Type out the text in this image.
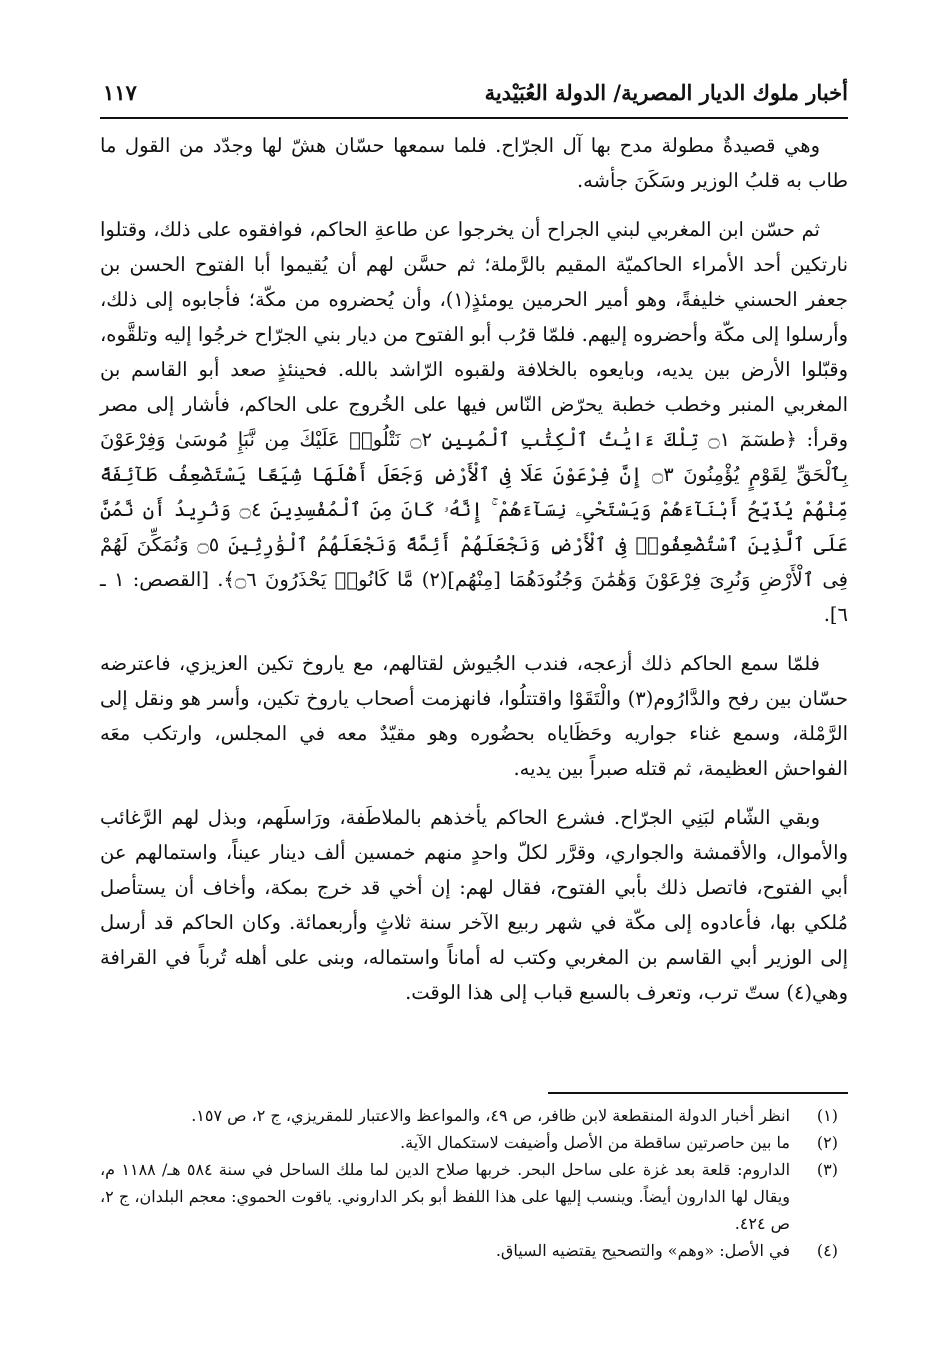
أخبار ملوك الديار المصرية/ الدولة العُبَيْدية
١١٧

وهي قصيدةٌ مطولة مدح بها آل الجرّاح. فلما سمعها حسّان هشّ لها وجدّد من القول ما طاب به قلبُ الوزير وسَكَنَ جأشه.

ثم حسّن ابن المغربي لبني الجراح أن يخرجوا عن طاعةِ الحاكم، فوافقوه على ذلك، وقتلوا نارتكين أحد الأمراء الحاكميّة المقيم بالرَّملة؛ ثم حسَّن لهم أن يُقيموا أبا الفتوح الحسن بن جعفر الحسني خليفةً، وهو أمير الحرمين يومئذٍ(١)، وأن يُحضروه من مكّة؛ فأجابوه إلى ذلك، وأرسلوا إلى مكّة وأحضروه إليهم. فلمّا قرُب أبو الفتوح من ديار بني الجرّاح خرجُوا إليه وتلقَّوه، وقبّلوا الأرض بين يديه، وبايعوه بالخلافة ولقبوه الرّاشد بالله. فحينئذٍ صعد أبو القاسم بن المغربي المنبر وخطب خطبة يحرّض النّاس فيها على الخُروج على الحاكم، فأشار إلى مصر وقرأ: ﴿طسٓمٓ ۝١ تِلْكَ ءَايَٰتُ ٱلْكِتَٰبِ ٱلْمُبِينِ ۝٢ نَتْلُوا۟ عَلَيْكَ مِن نَّبَإِ مُوسَىٰ وَفِرْعَوْنَ بِٱلْحَقِّ لِقَوْمٍ يُؤْمِنُونَ ۝٣ إِنَّ فِرْعَوْنَ عَلَا فِى ٱلْأَرْضِ وَجَعَلَ أَهْلَهَا شِيَعًا يَسْتَضْعِفُ طَآئِفَةً مِّنْهُمْ يُذَبِّحُ أَبْنَآءَهُمْ وَيَسْتَحْىِۦ نِسَآءَهُمْ ۚ إِنَّهُۥ كَانَ مِنَ ٱلْمُفْسِدِينَ ۝٤ وَنُرِيدُ أَن نَّمُنَّ عَلَى ٱلَّذِينَ ٱسْتُضْعِفُوا۟ فِى ٱلْأَرْضِ وَنَجْعَلَهُمْ أَئِمَّةً وَنَجْعَلَهُمُ ٱلْوَٰرِثِينَ ۝٥ وَنُمَكِّنَ لَهُمْ فِى ٱلْأَرْضِ وَنُرِىَ فِرْعَوْنَ وَهَٰمَٰنَ وَجُنُودَهُمَا [مِنْهُم](٢) مَّا كَانُوا۟ يَحْذَرُونَ ۝٦﴾. [القصص: ١ ـ ٦].

فلمّا سمع الحاكم ذلك أزعجه، فندب الجُيوش لقتالهم، مع ياروخ تكين العزيزي، فاعترضه حسّان بين رفح والدَّارُوم(٣) والْتَقَوْا واقتتلُوا، فانهزمت أصحاب ياروخ تكين، وأسر هو ونقل إلى الرَّمْلة، وسمع غناء جواريه وحَظَاياه بحضُوره وهو مقيّدٌ معه في المجلس، وارتكب معَه الفواحش العظيمة، ثم قتله صبراً بين يديه.

وبقي الشّام لبَنِي الجرّاح. فشرع الحاكم يأخذهم بالملاطَفة، ورَاسلَهم، وبذل لهم الرَّغائب والأموال، والأقمشة والجواري، وقرَّر لكلّ واحدٍ منهم خمسين ألف دينار عيناً، واستمالهم عن أبي الفتوح، فاتصل ذلك بأبي الفتوح، فقال لهم: إن أخي قد خرج بمكة، وأخاف أن يستأصل مُلكي بها، فأعادوه إلى مكّة في شهر ربيع الآخر سنة ثلاثٍ وأربعمائة. وكان الحاكم قد أرسل إلى الوزير أبي القاسم بن المغربي وكتب له أماناً واستماله، وبنى على أهله تُرباً في القرافة وهي(٤) ستّ ترب، وتعرف بالسبع قباب إلى هذا الوقت.

(١)
انظر أخبار الدولة المنقطعة لابن ظافر، ص ٤٩، والمواعظ والاعتبار للمقريزي، ج ٢، ص ١٥٧.
(٢)
ما بين حاصرتين ساقطة من الأصل وأضيفت لاستكمال الآية.
(٣)
الداروم: قلعة بعد غزة على ساحل البحر. خربها صلاح الدين لما ملك الساحل في سنة ٥٨٤ هـ/ ١١٨٨ م، ويقال لها الدارون أيضاً. وينسب إليها على هذا اللفظ أبو بكر الداروني. ياقوت الحموي: معجم البلدان، ج ٢، ص ٤٢٤.
(٤)
في الأصل: «وهم» والتصحيح يقتضيه السياق.
